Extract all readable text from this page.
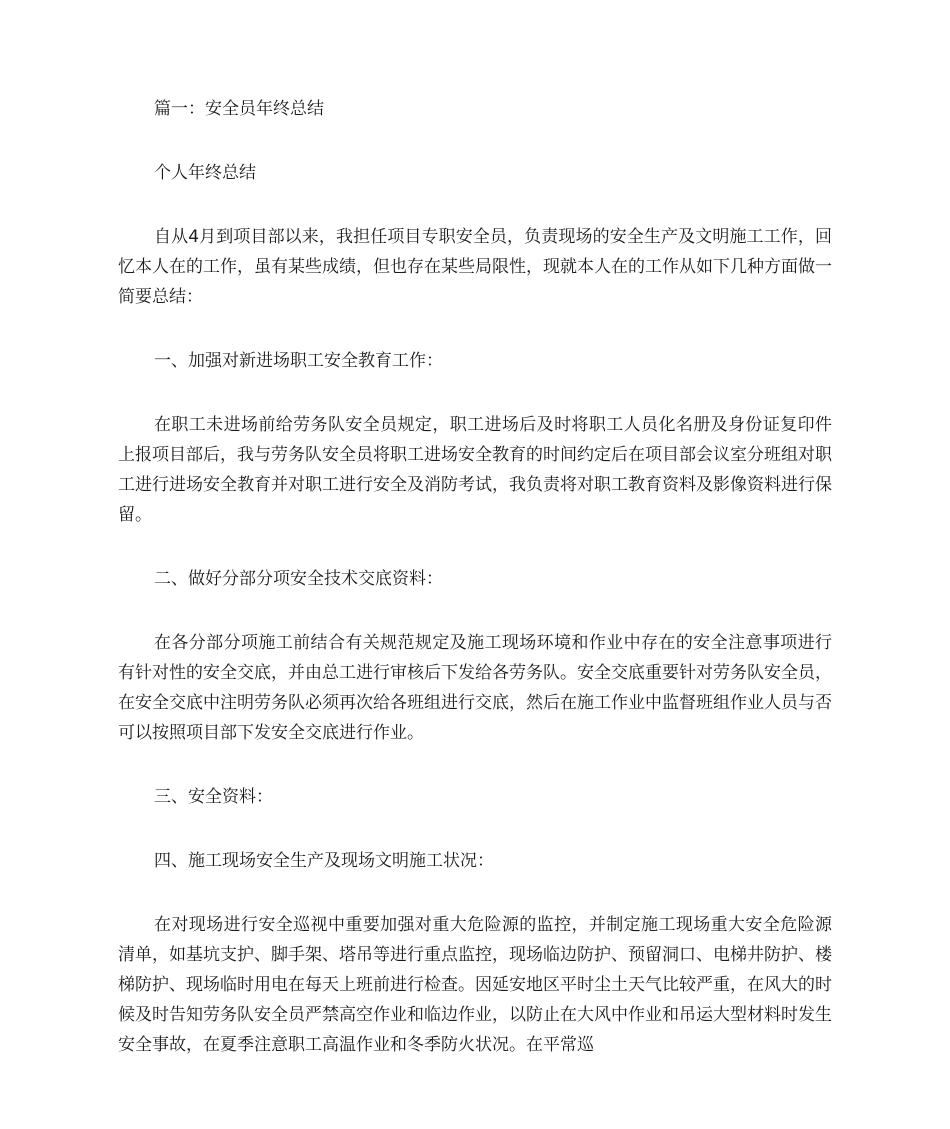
篇一：安全员年终总结
个人年终总结
自从4月到项目部以来，我担任项目专职安全员，负责现场的安全生产及文明施工工作，回忆本人在的工作，虽有某些成绩，但也存在某些局限性，现就本人在的工作从如下几种方面做一简要总结：
一、加强对新进场职工安全教育工作：
在职工未进场前给劳务队安全员规定，职工进场后及时将职工人员化名册及身份证复印件上报项目部后，我与劳务队安全员将职工进场安全教育的时间约定后在项目部会议室分班组对职工进行进场安全教育并对职工进行安全及消防考试，我负责将对职工教育资料及影像资料进行保留。
二、做好分部分项安全技术交底资料：
在各分部分项施工前结合有关规范规定及施工现场环境和作业中存在的安全注意事项进行有针对性的安全交底，并由总工进行审核后下发给各劳务队。安全交底重要针对劳务队安全员，在安全交底中注明劳务队必须再次给各班组进行交底，然后在施工作业中监督班组作业人员与否可以按照项目部下发安全交底进行作业。
三、安全资料：
四、施工现场安全生产及现场文明施工状况：
在对现场进行安全巡视中重要加强对重大危险源的监控，并制定施工现场重大安全危险源清单，如基坑支护、脚手架、塔吊等进行重点监控，现场临边防护、预留洞口、电梯井防护、楼梯防护、现场临时用电在每天上班前进行检查。因延安地区平时尘土天气比较严重，在风大的时候及时告知劳务队安全员严禁高空作业和临边作业，以防止在大风中作业和吊运大型材料时发生安全事故，在夏季注意职工高温作业和冬季防火状况。在平常巡
